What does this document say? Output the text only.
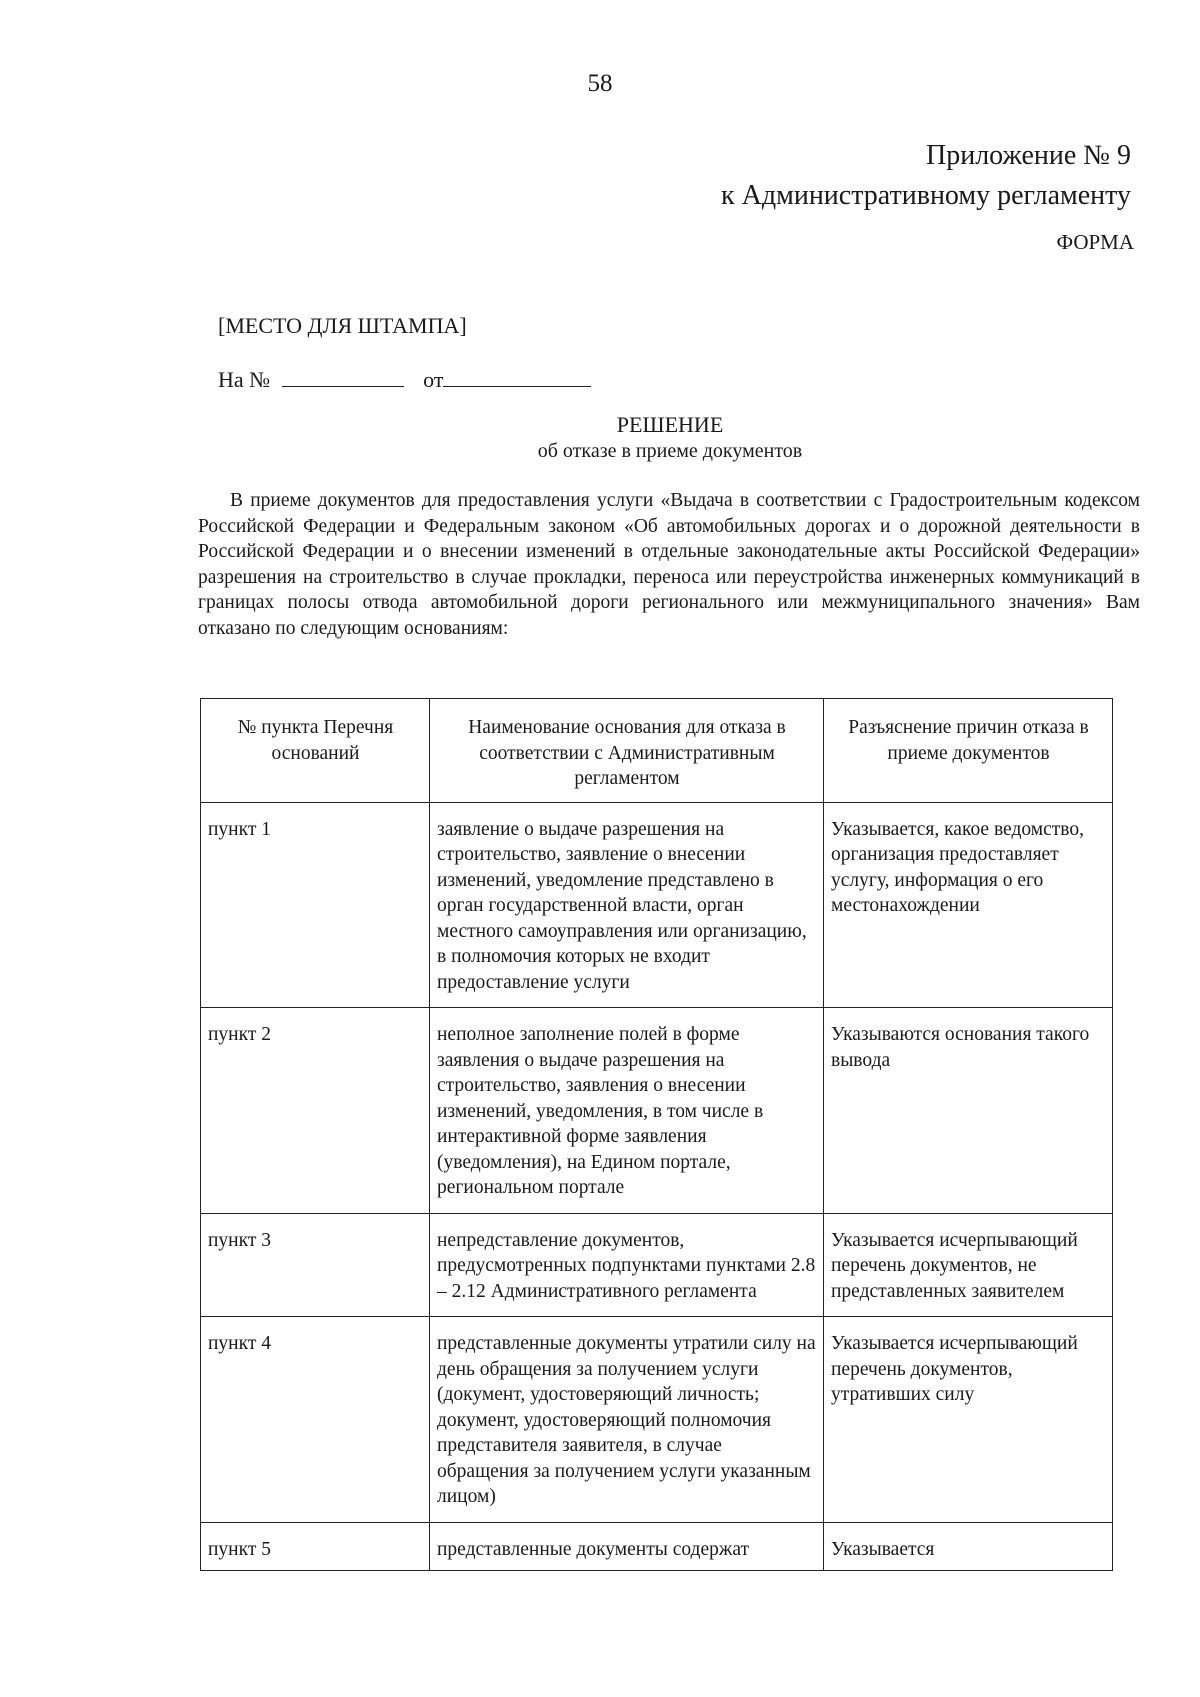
58
Приложение № 9
к Административному регламенту
ФОРМА
[МЕСТО ДЛЯ ШТАМПА]
На №	от
РЕШЕНИЕ
об отказе в приеме документов

В приеме документов для предоставления услуги «Выдача в соответствии с Градостроительным кодексом Российской Федерации и Федеральным законом «Об автомобильных дорогах и о дорожной деятельности в Российской Федерации и о внесении изменений в отдельные законодательные акты Российской Федерации» разрешения на строительство в случае прокладки, переноса или переустройства инженерных коммуникаций в границах полосы отвода автомобильной дороги регионального или межмуниципального значения» Вам отказано по следующим основаниям:

№ пункта Перечня оснований	Наименование основания для отказа в соответствии с Административным регламентом	Разъяснение причин отказа в приеме документов
пункт 1	заявление о выдаче разрешения на строительство, заявление о внесении изменений, уведомление представлено в орган государственной власти, орган местного самоуправления или организацию, в полномочия которых не входит предоставление услуги	Указывается, какое ведомство, организация предоставляет услугу, информация о его местонахождении
пункт 2	неполное заполнение полей в форме заявления о выдаче разрешения на строительство, заявления о внесении изменений, уведомления, в том числе в интерактивной форме заявления (уведомления), на Едином портале, региональном портале	Указываются основания такого вывода
пункт 3	непредставление документов, предусмотренных подпунктами пунктами 2.8 – 2.12 Административного регламента	Указывается исчерпывающий перечень документов, не представленных заявителем
пункт 4	представленные документы утратили силу на день обращения за получением услуги (документ, удостоверяющий личность; документ, удостоверяющий полномочия представителя заявителя, в случае обращения за получением услуги указанным лицом)	Указывается исчерпывающий перечень документов, утративших силу
пункт 5	представленные документы содержат	Указывается
